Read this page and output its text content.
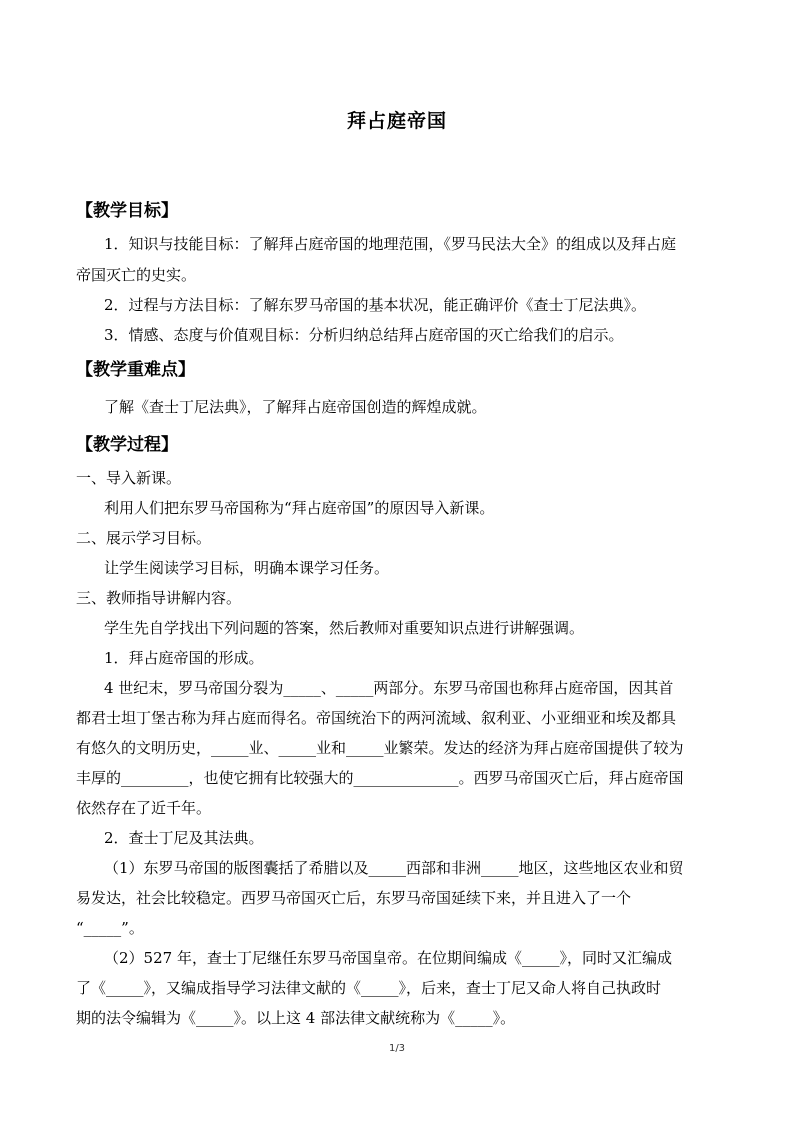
拜占庭帝国
【教学目标】
1．知识与技能目标：了解拜占庭帝国的地理范围，《罗马民法大全》的组成以及拜占庭
帝国灭亡的史实。
2．过程与方法目标：了解东罗马帝国的基本状况，能正确评价《查士丁尼法典》。
3．情感、态度与价值观目标：分析归纳总结拜占庭帝国的灭亡给我们的启示。
【教学重难点】
了解《查士丁尼法典》，了解拜占庭帝国创造的辉煌成就。
【教学过程】
一、导入新课。
利用人们把东罗马帝国称为“拜占庭帝国”的原因导入新课。
二、展示学习目标。
让学生阅读学习目标，明确本课学习任务。
三、教师指导讲解内容。
学生先自学找出下列问题的答案，然后教师对重要知识点进行讲解强调。
1．拜占庭帝国的形成。
4 世纪末，罗马帝国分裂为_____、_____两部分。东罗马帝国也称拜占庭帝国，因其首
都君士坦丁堡古称为拜占庭而得名。帝国统治下的两河流域、叙利亚、小亚细亚和埃及都具
有悠久的文明历史，_____业、_____业和_____业繁荣。发达的经济为拜占庭帝国提供了较为
丰厚的_________，也使它拥有比较强大的______________。西罗马帝国灭亡后，拜占庭帝国
依然存在了近千年。
2．查士丁尼及其法典。
（1）东罗马帝国的版图囊括了希腊以及_____西部和非洲_____地区，这些地区农业和贸
易发达，社会比较稳定。西罗马帝国灭亡后，东罗马帝国延续下来，并且进入了一个
“_____”。
（2）527 年，查士丁尼继任东罗马帝国皇帝。在位期间编成《_____》，同时又汇编成
了《_____》，又编成指导学习法律文献的《_____》，后来，查士丁尼又命人将自己执政时
期的法令编辑为《_____》。以上这 4 部法律文献统称为《_____》。
1/3
